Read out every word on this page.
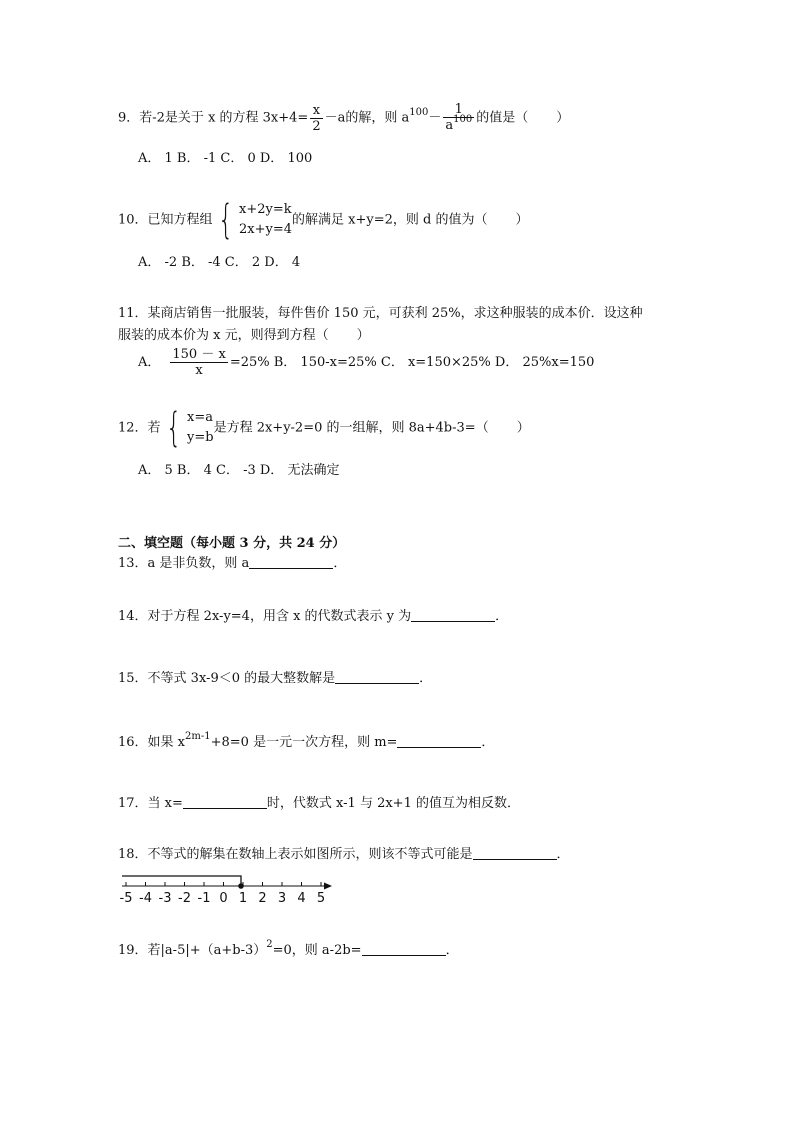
9．若-2是关于 x 的方程 $3x+4= \frac{x}{2} -a$的解，则 $a^{100}- \frac{1}{a^{100}}$ 的值是（ ）
A． 1 B． -1 C． 0 D． 100
10．已知方程组 { x+2y=k
2x+y=4
的解满足 x+y=2，则 d 的值为（ ）
A． -2 B． -4 C． 2 D． 4
11．某商店销售一批服装，每件售价 150 元，可获利 25%，求这种服装的成本价．设这种
服装的成本价为 x 元，则得到方程（ ）
A． $\frac{150 - x}{x} =25\%$ B． 150-x=25% C． x=150×25% D． 25%x=150
12．若 { x=a
y=b
是方程 2x+y-2=0 的一组解，则 8a+4b-3=（ ）
A． 5 B． 4 C． -3 D． 无法确定
二、填空题（每小题 3 分，共 24 分）
13．a 是非负数，则 a	．
14．对于方程 2x-y=4，用含 x 的代数式表示 y 为	．
15．不等式 3x-9＜0 的最大整数解是	．
16．如果 $x^{2m-1}+8=0$ 是一元一次方程，则 m=	．
17．当 x=	时，代数式 x-1 与 2x+1 的值互为相反数．
18．不等式的解集在数轴上表示如图所示，则该不等式可能是	．
-5 -4 -3 -2 -1 0 1 2 3 4 5
19．若$|a-5|+(a+b-3)^2=0$，则 a-2b=	．
